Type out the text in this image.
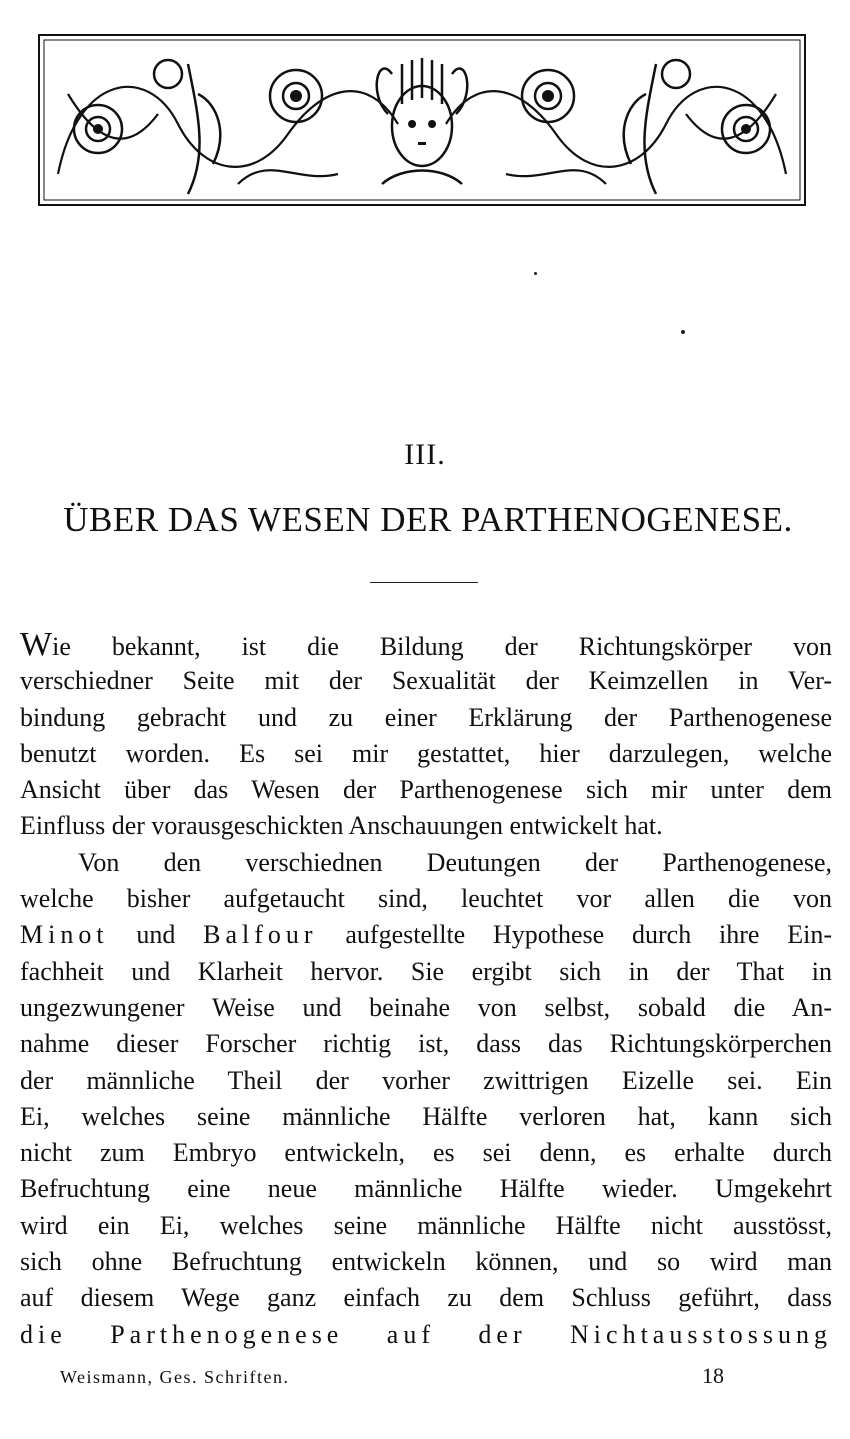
III.
ÜBER DAS WESEN DER PARTHENOGENESE.
Wie bekannt, ist die Bildung der Richtungskörper von
verschiedner Seite mit der Sexualität der Keimzellen in Ver-
bindung gebracht und zu einer Erklärung der Parthenogenese
benutzt worden. Es sei mir gestattet, hier darzulegen, welche
Ansicht über das Wesen der Parthenogenese sich mir unter dem
Einfluss der vorausgeschickten Anschauungen entwickelt hat.
Von den verschiednen Deutungen der Parthenogenese,
welche bisher aufgetaucht sind, leuchtet vor allen die von
Minot und Balfour aufgestellte Hypothese durch ihre Ein-
fachheit und Klarheit hervor. Sie ergibt sich in der That in
ungezwungener Weise und beinahe von selbst, sobald die An-
nahme dieser Forscher richtig ist, dass das Richtungskörperchen
der männliche Theil der vorher zwittrigen Eizelle sei. Ein
Ei, welches seine männliche Hälfte verloren hat, kann sich
nicht zum Embryo entwickeln, es sei denn, es erhalte durch
Befruchtung eine neue männliche Hälfte wieder. Umgekehrt
wird ein Ei, welches seine männliche Hälfte nicht ausstösst,
sich ohne Befruchtung entwickeln können, und so wird man
auf diesem Wege ganz einfach zu dem Schluss geführt, dass
die Parthenogenese auf der Nichtausstossung
Weismann, Ges. Schriften.	18
